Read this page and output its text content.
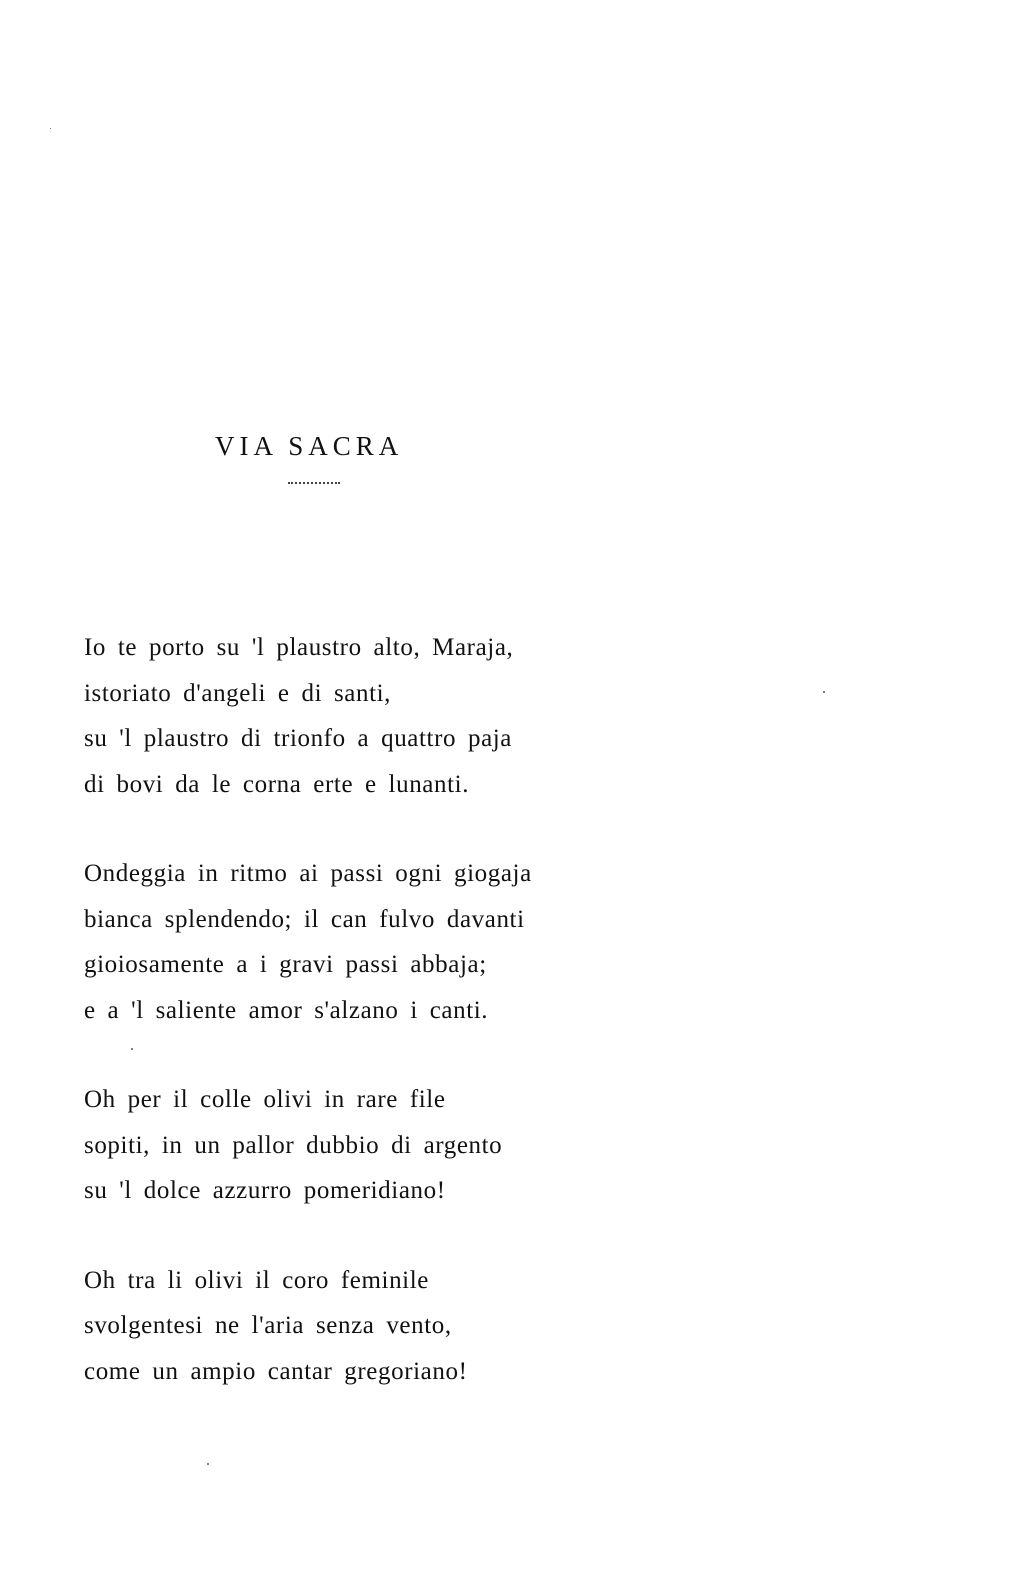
VIA SACRA
Io te porto su 'l plaustro alto, Maraja,
istoriato d'angeli e di santi,
su 'l plaustro di trionfo a quattro paja
di bovi da le corna erte e lunanti.
Ondeggia in ritmo ai passi ogni giogaja
bianca splendendo; il can fulvo davanti
gioiosamente a i gravi passi abbaja;
e a 'l saliente amor s'alzano i canti.
Oh per il colle olivi in rare file
sopiti, in un pallor dubbio di argento
su 'l dolce azzurro pomeridiano!
Oh tra li olivi il coro feminile
svolgentesi ne l'aria senza vento,
come un ampio cantar gregoriano!
